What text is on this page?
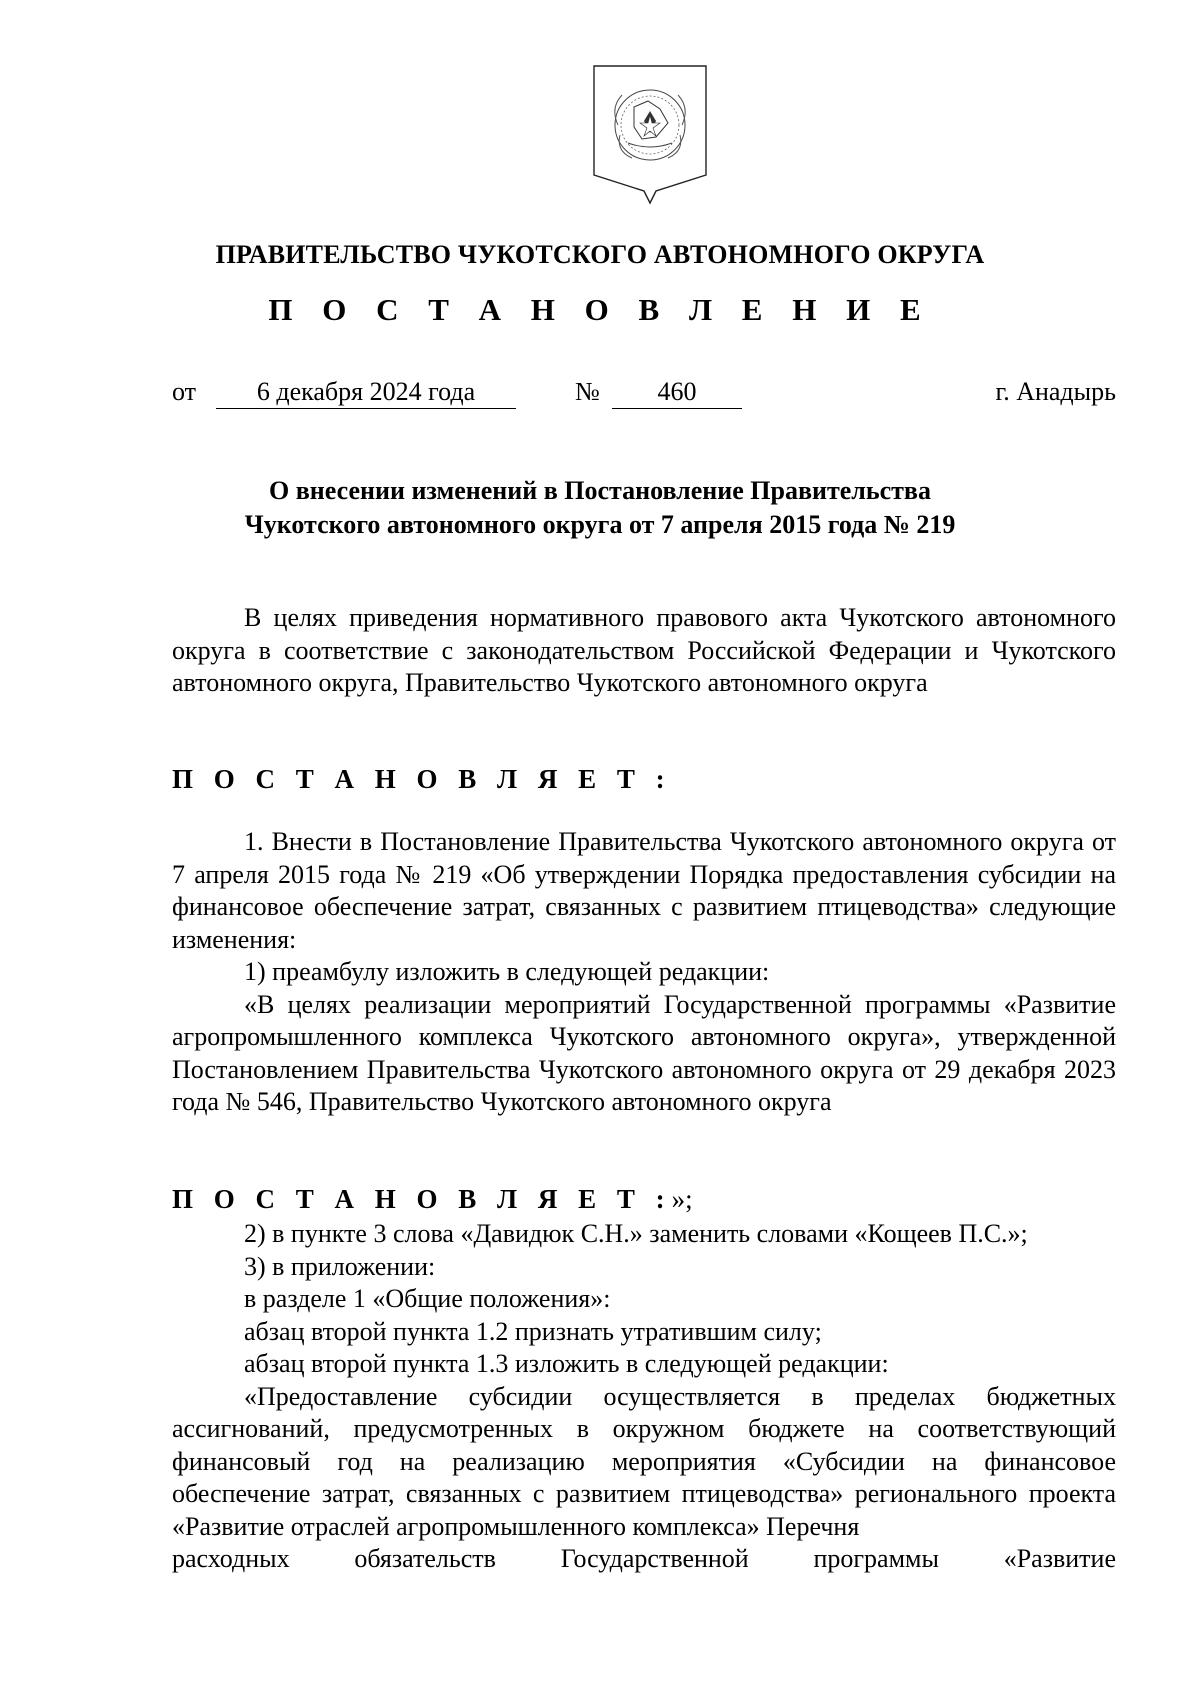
ПРАВИТЕЛЬСТВО ЧУКОТСКОГО АВТОНОМНОГО ОКРУГА
П О С Т А Н О В Л Е Н И Е
от	6 декабря 2024 года	№	460	г. Анадырь
О внесении изменений в Постановление Правительства
Чукотского автономного округа от 7 апреля 2015 года № 219

В целях приведения нормативного правового акта Чукотского автономного округа в соответствие с законодательством Российской Федерации и Чукотского автономного округа, Правительство Чукотского автономного округа

П О С Т А Н О В Л Я Е Т :

1. Внести в Постановление Правительства Чукотского автономного округа от 7 апреля 2015 года № 219 «Об утверждении Порядка предоставления субсидии на финансовое обеспечение затрат, связанных с развитием птицеводства» следующие изменения:

1) преамбулу изложить в следующей редакции:

«В целях реализации мероприятий Государственной программы «Развитие агропромышленного комплекса Чукотского автономного округа», утвержденной Постановлением Правительства Чукотского автономного округа от 29 декабря 2023 года № 546, Правительство Чукотского автономного округа

П О С Т А Н О В Л Я Е Т :»;

2) в пункте 3 слова «Давидюк С.Н.» заменить словами «Кощеев П.С.»;

3) в приложении:

в разделе 1 «Общие положения»:

абзац второй пункта 1.2 признать утратившим силу;

абзац второй пункта 1.3 изложить в следующей редакции:

«Предоставление субсидии осуществляется в пределах бюджетных ассигнований, предусмотренных в окружном бюджете на соответствующий финансовый год на реализацию мероприятия «Субсидии на финансовое обеспечение затрат, связанных с развитием птицеводства» регионального проекта «Развитие отраслей агропромышленного комплекса» Перечня

расходных обязательств Государственной программы «Развитие
